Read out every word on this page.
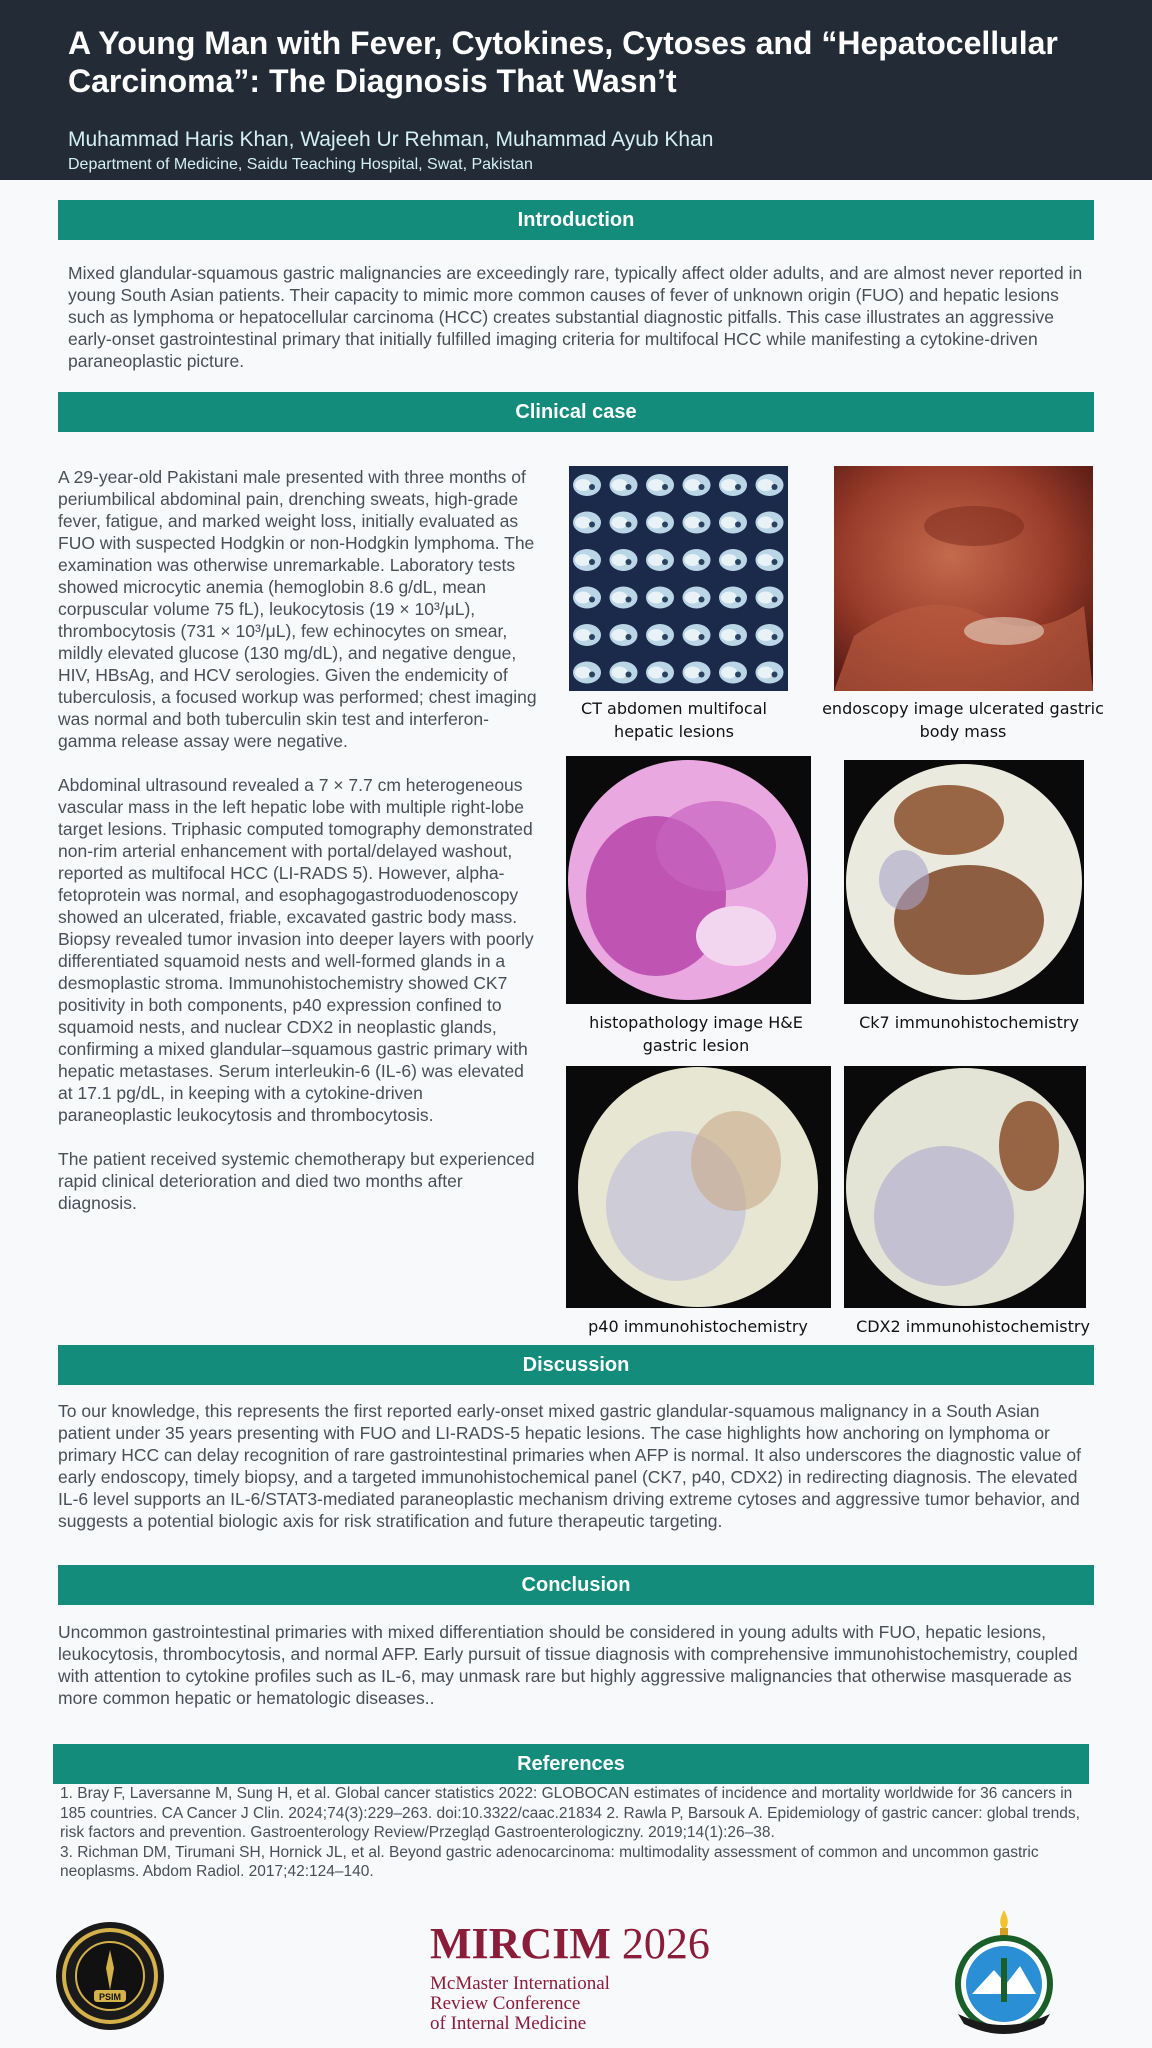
A Young Man with Fever, Cytokines, Cytoses and “Hepatocellular Carcinoma”: The Diagnosis That Wasn’t
Muhammad Haris Khan, Wajeeh Ur Rehman, Muhammad Ayub Khan
Department of Medicine, Saidu Teaching Hospital, Swat, Pakistan
Introduction

Mixed glandular-squamous gastric malignancies are exceedingly rare, typically affect older adults, and are almost never reported in young South Asian patients. Their capacity to mimic more common causes of fever of unknown origin (FUO) and hepatic lesions such as lymphoma or hepatocellular carcinoma (HCC) creates substantial diagnostic pitfalls. This case illustrates an aggressive early-onset gastrointestinal primary that initially fulfilled imaging criteria for multifocal HCC while manifesting a cytokine-driven paraneoplastic picture.

Clinical case

A 29-year-old Pakistani male presented with three months of periumbilical abdominal pain, drenching sweats, high-grade fever, fatigue, and marked weight loss, initially evaluated as FUO with suspected Hodgkin or non-Hodgkin lymphoma. The examination was otherwise unremarkable. Laboratory tests showed microcytic anemia (hemoglobin 8.6 g/dL, mean corpuscular volume 75 fL), leukocytosis (19 × 10³/μL), thrombocytosis (731 × 10³/μL), few echinocytes on smear, mildly elevated glucose (130 mg/dL), and negative dengue, HIV, HBsAg, and HCV serologies. Given the endemicity of tuberculosis, a focused workup was performed; chest imaging was normal and both tuberculin skin test and interferon-gamma release assay were negative.

Abdominal ultrasound revealed a 7 × 7.7 cm heterogeneous vascular mass in the left hepatic lobe with multiple right-lobe target lesions. Triphasic computed tomography demonstrated non-rim arterial enhancement with portal/delayed washout, reported as multifocal HCC (LI-RADS 5). However, alpha-fetoprotein was normal, and esophagogastroduodenoscopy showed an ulcerated, friable, excavated gastric body mass. Biopsy revealed tumor invasion into deeper layers with poorly differentiated squamoid nests and well-formed glands in a desmoplastic stroma. Immunohistochemistry showed CK7 positivity in both components, p40 expression confined to squamoid nests, and nuclear CDX2 in neoplastic glands, confirming a mixed glandular–squamous gastric primary with hepatic metastases. Serum interleukin-6 (IL-6) was elevated at 17.1 pg/dL, in keeping with a cytokine-driven paraneoplastic leukocytosis and thrombocytosis.

The patient received systemic chemotherapy but experienced rapid clinical deterioration and died two months after diagnosis.

CT abdomen multifocal hepatic lesions
endoscopy image ulcerated gastric body mass
histopathology image H&E gastric lesion
Ck7 immunohistochemistry
p40 immunohistochemistry	CDX2 immunohistochemistry
Discussion

To our knowledge, this represents the first reported early-onset mixed gastric glandular-squamous malignancy in a South Asian patient under 35 years presenting with FUO and LI-RADS-5 hepatic lesions. The case highlights how anchoring on lymphoma or primary HCC can delay recognition of rare gastrointestinal primaries when AFP is normal. It also underscores the diagnostic value of early endoscopy, timely biopsy, and a targeted immunohistochemical panel (CK7, p40, CDX2) in redirecting diagnosis. The elevated IL-6 level supports an IL-6/STAT3-mediated paraneoplastic mechanism driving extreme cytoses and aggressive tumor behavior, and suggests a potential biologic axis for risk stratification and future therapeutic targeting.

Conclusion

Uncommon gastrointestinal primaries with mixed differentiation should be considered in young adults with FUO, hepatic lesions, leukocytosis, thrombocytosis, and normal AFP. Early pursuit of tissue diagnosis with comprehensive immunohistochemistry, coupled with attention to cytokine profiles such as IL-6, may unmask rare but highly aggressive malignancies that otherwise masquerade as more common hepatic or hematologic diseases..

References

1. Bray F, Laversanne M, Sung H, et al. Global cancer statistics 2022: GLOBOCAN estimates of incidence and mortality worldwide for 36 cancers in 185 countries. CA Cancer J Clin. 2024;74(3):229–263. doi:10.3322/caac.21834 2. Rawla P, Barsouk A. Epidemiology of gastric cancer: global trends, risk factors and prevention. Gastroenterology Review/Przegląd Gastroenterologiczny. 2019;14(1):26–38.

3. Richman DM, Tirumani SH, Hornick JL, et al. Beyond gastric adenocarcinoma: multimodality assessment of common and uncommon gastric neoplasms. Abdom Radiol. 2017;42:124–140.

PSIM
MIRCIM 2026
McMaster International
Review Conference
of Internal Medicine
